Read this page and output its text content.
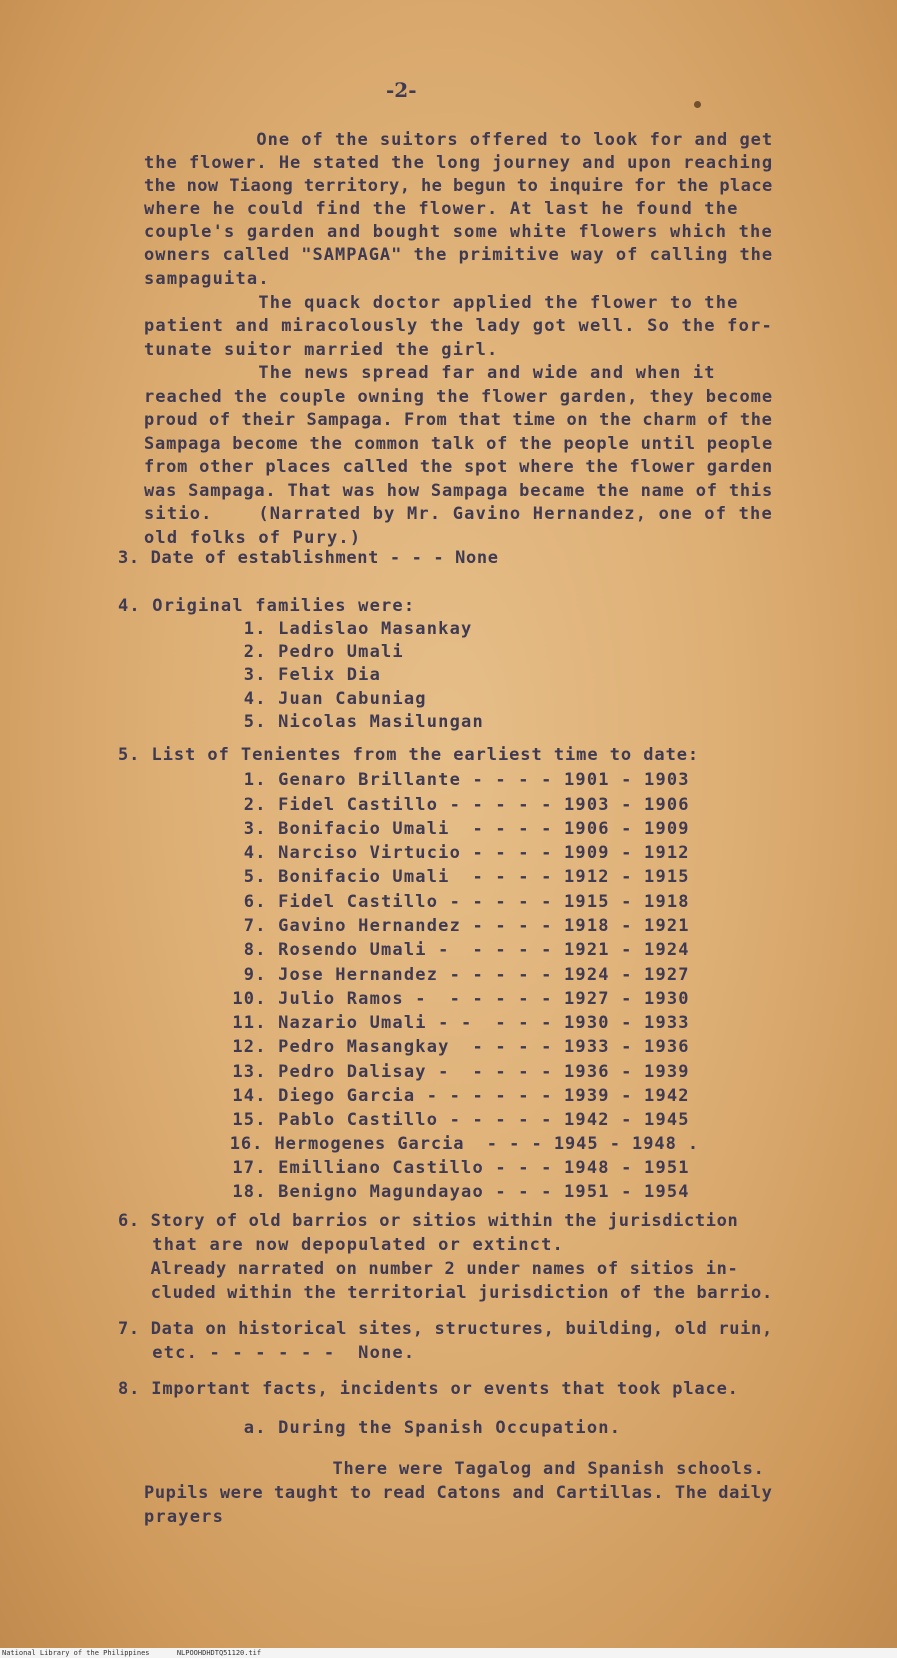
-2-
One of the suitors offered to look for and get
the flower. He stated the long journey and upon reaching
the now Tiaong territory, he begun to inquire for the place
where he could find the flower. At last he found the
couple's garden and bought some white flowers which the
owners called "SAMPAGA" the primitive way of calling the
sampaguita.
The quack doctor applied the flower to the
patient and miracolously the lady got well. So the for-
tunate suitor married the girl.
The news spread far and wide and when it
reached the couple owning the flower garden, they become
proud of their Sampaga. From that time on the charm of the
Sampaga become the common talk of the people until people
from other places called the spot where the flower garden
was Sampaga. That was how Sampaga became the name of this
sitio.    (Narrated by Mr. Gavino Hernandez, one of the
old folks of Pury.)
3. Date of establishment - - - None
4. Original families were:
1. Ladislao Masankay
2. Pedro Umali
3. Felix Dia
4. Juan Cabuniag
5. Nicolas Masilungan
5. List of Tenientes from the earliest time to date:
1. Genaro Brillante - - - - 1901 - 1903
2. Fidel Castillo - - - - - 1903 - 1906
3. Bonifacio Umali  - - - - 1906 - 1909
4. Narciso Virtucio - - - - 1909 - 1912
5. Bonifacio Umali  - - - - 1912 - 1915
6. Fidel Castillo - - - - - 1915 - 1918
7. Gavino Hernandez - - - - 1918 - 1921
8. Rosendo Umali -  - - - - 1921 - 1924
9. Jose Hernandez - - - - - 1924 - 1927
10. Julio Ramos -  - - - - - 1927 - 1930
11. Nazario Umali - -  - - - 1930 - 1933
12. Pedro Masangkay  - - - - 1933 - 1936
13. Pedro Dalisay -  - - - - 1936 - 1939
14. Diego Garcia - - - - - - 1939 - 1942
15. Pablo Castillo - - - - - 1942 - 1945
16. Hermogenes Garcia  - - - 1945 - 1948 .
17. Emilliano Castillo - - - 1948 - 1951
18. Benigno Magundayao - - - 1951 - 1954
6. Story of old barrios or sitios within the jurisdiction
that are now depopulated or extinct.
Already narrated on number 2 under names of sitios in-
cluded within the territorial jurisdiction of the barrio.
7. Data on historical sites, structures, building, old ruin,
etc. - - - - - -  None.
8. Important facts, incidents or events that took place.
a. During the Spanish Occupation.
There were Tagalog and Spanish schools.
Pupils were taught to read Catons and Cartillas. The daily
prayers
National Library of the Philippines	NLPOOHDHDTQ51120.tif
